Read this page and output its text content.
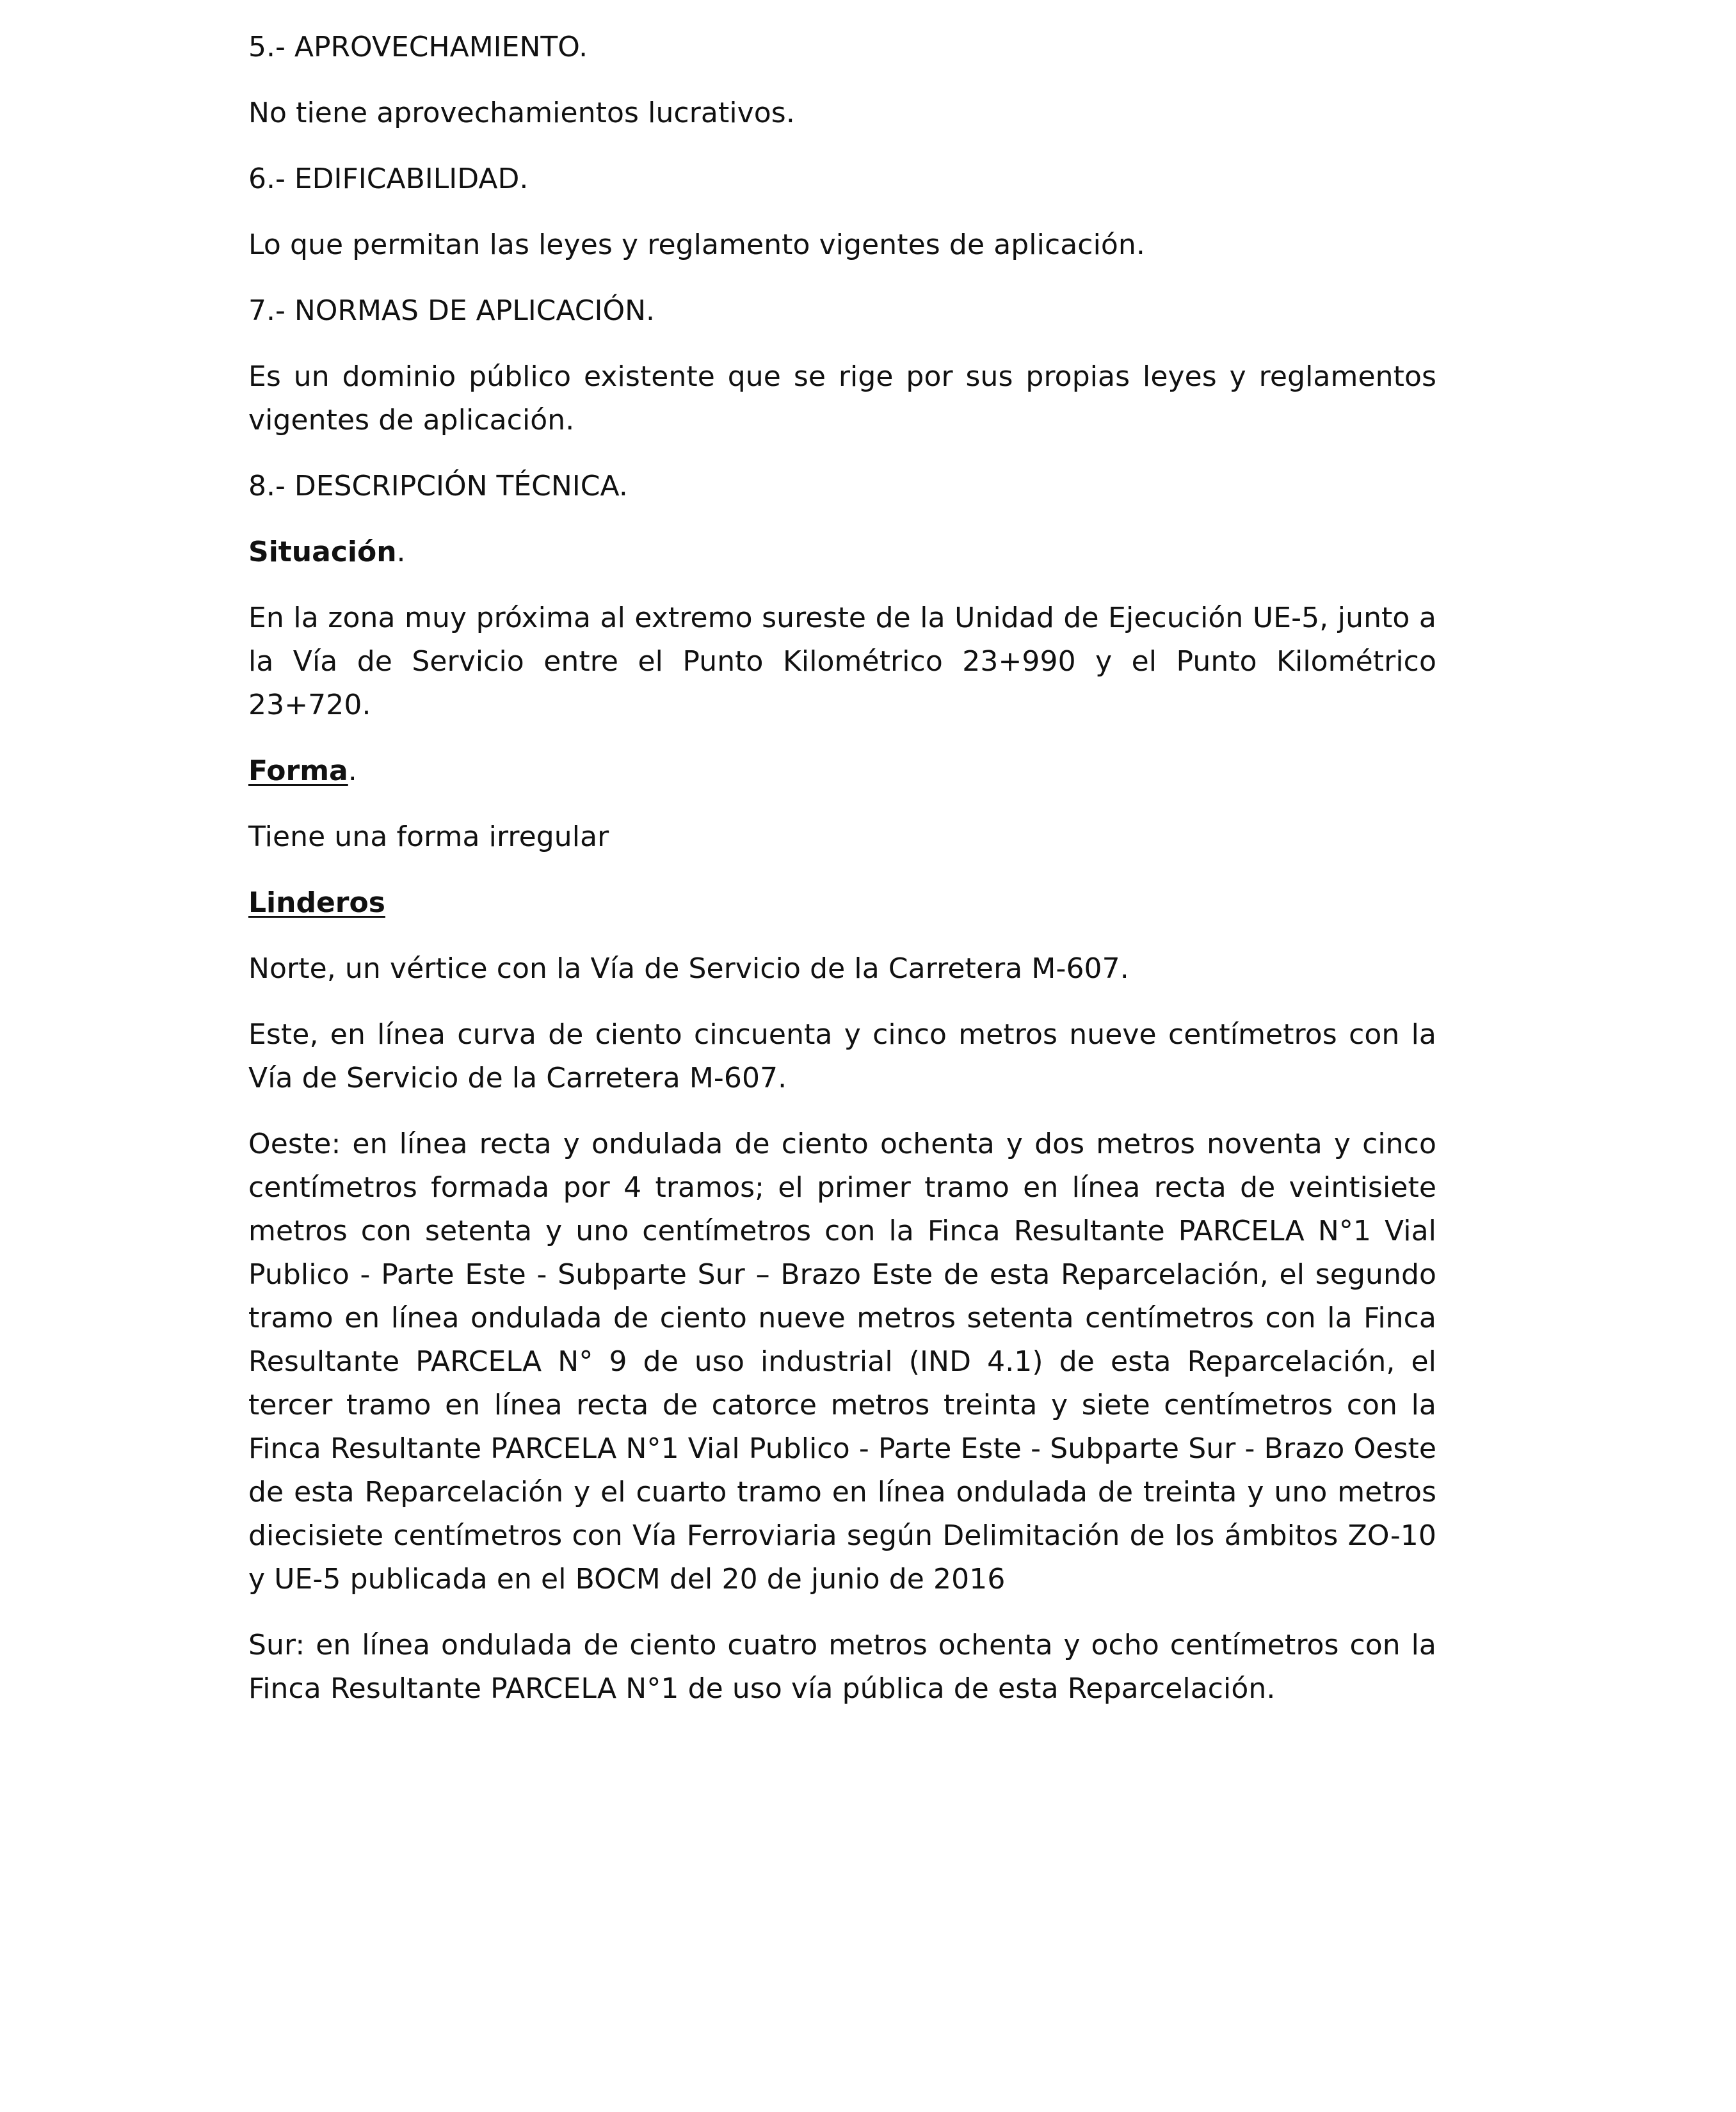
5.- APROVECHAMIENTO.

No tiene aprovechamientos lucrativos.

6.- EDIFICABILIDAD.

Lo que permitan las leyes y reglamento vigentes de aplicación.

7.- NORMAS DE APLICACIÓN.

Es un dominio público existente que se rige por sus propias leyes y reglamentos vigentes de aplicación.

8.- DESCRIPCIÓN TÉCNICA.

Situación.

En la zona muy próxima al extremo sureste de la Unidad de Ejecución UE-5, junto a la Vía de Servicio entre el Punto Kilométrico 23+990 y el Punto Kilométrico 23+720.

Forma.

Tiene una forma irregular

Linderos

Norte, un vértice con la Vía de Servicio de la Carretera M-607.

Este, en línea curva de ciento cincuenta y cinco metros nueve centímetros con la Vía de Servicio de la Carretera M-607.

Oeste: en línea recta y ondulada de ciento ochenta y dos metros noventa y cinco centímetros formada por 4 tramos; el primer tramo en línea recta de veintisiete metros con setenta y uno centímetros con la Finca Resultante PARCELA N°1 Vial Publico - Parte Este - Subparte Sur – Brazo Este de esta Reparcelación, el segundo tramo en línea ondulada de ciento nueve metros setenta centímetros con la Finca Resultante PARCELA N° 9 de uso industrial (IND 4.1) de esta Reparcelación, el tercer tramo en línea recta de catorce metros treinta y siete centímetros con la Finca Resultante PARCELA N°1 Vial Publico - Parte Este - Subparte Sur - Brazo Oeste de esta Reparcelación y el cuarto tramo en línea ondulada de treinta y uno metros diecisiete centímetros con Vía Ferroviaria según Delimitación de los ámbitos ZO-10 y UE-5 publicada en el BOCM del 20 de junio de 2016

Sur: en línea ondulada de ciento cuatro metros ochenta y ocho centímetros con la Finca Resultante PARCELA N°1 de uso vía pública de esta Reparcelación.
